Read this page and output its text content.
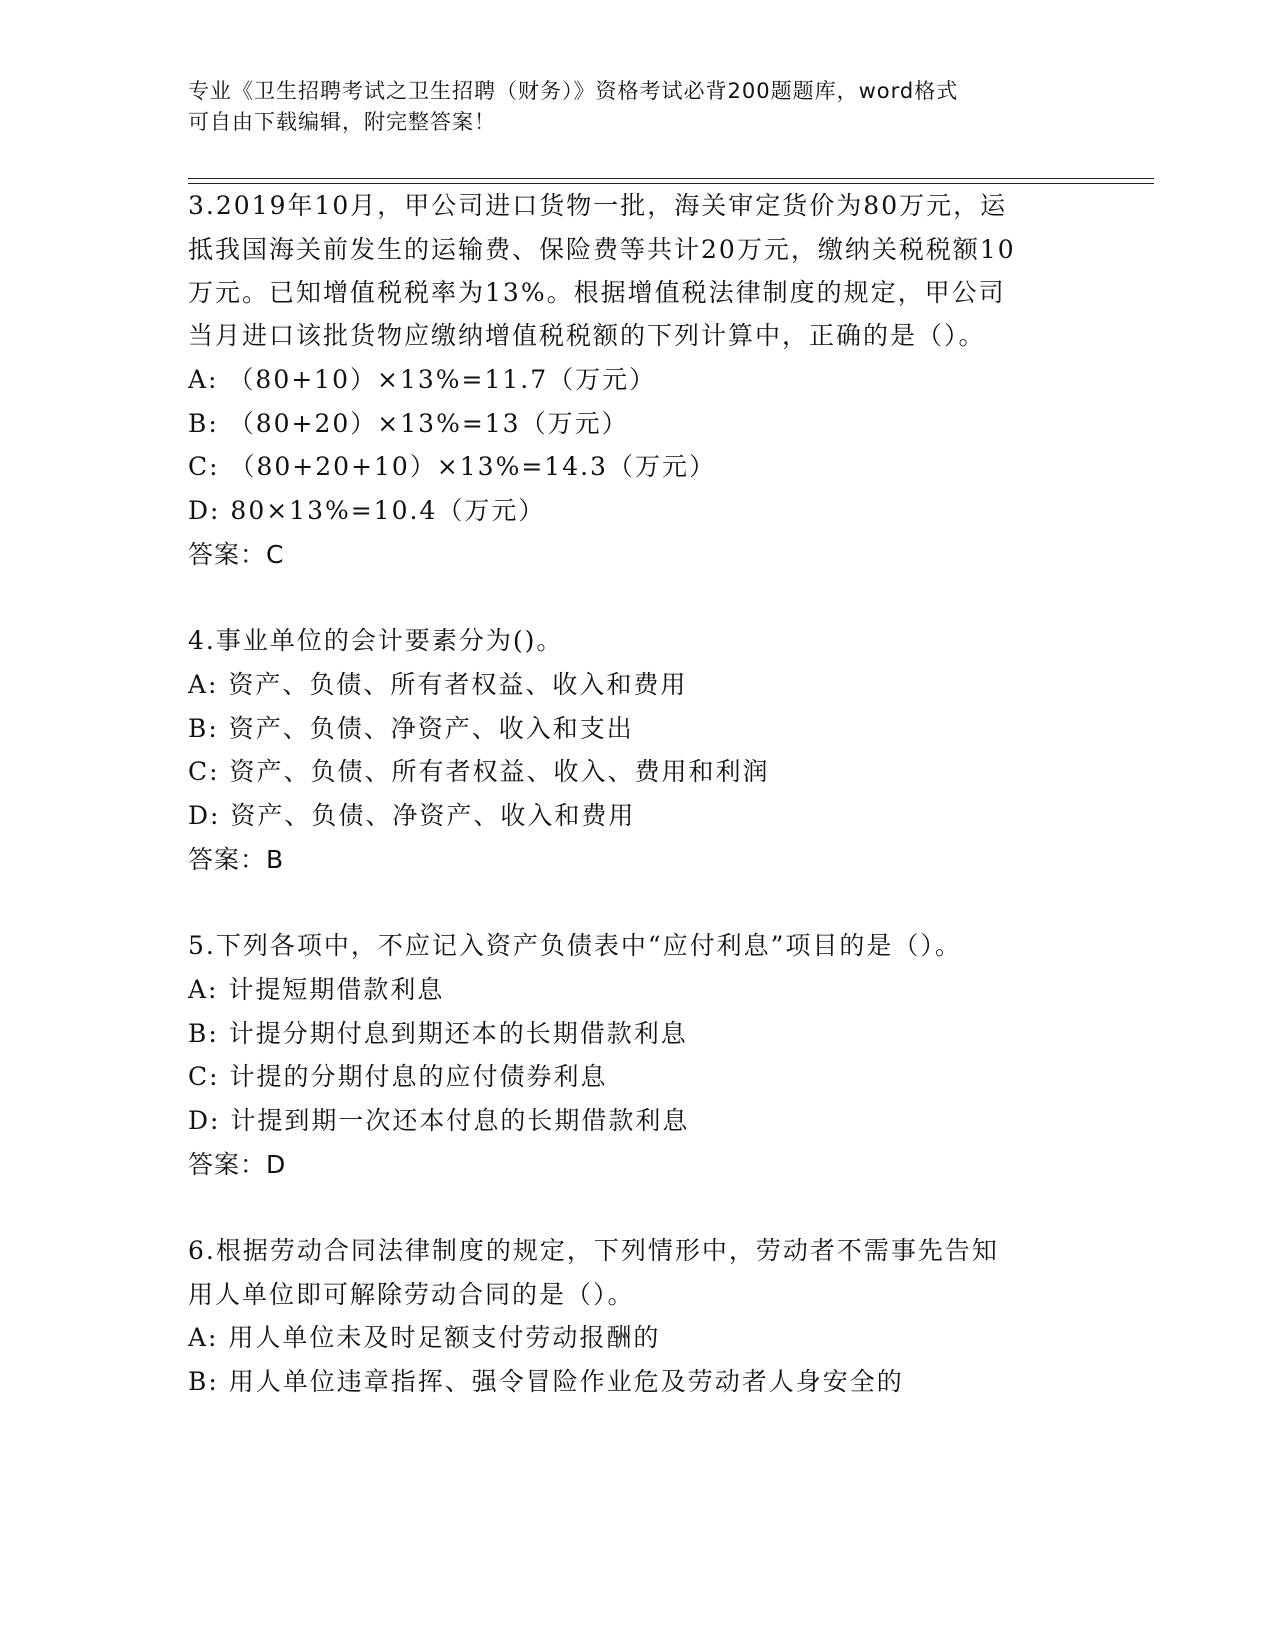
专业《卫生招聘考试之卫生招聘（财务）》资格考试必背200题题库，word格式
可自由下载编辑，附完整答案！
3.2019年10月，甲公司进口货物一批，海关审定货价为80万元，运
抵我国海关前发生的运输费、保险费等共计20万元，缴纳关税税额10
万元。已知增值税税率为13%。根据增值税法律制度的规定，甲公司
当月进口该批货物应缴纳增值税税额的下列计算中，正确的是（）。
A: （80+10）×13%=11.7（万元）
B: （80+20）×13%=13（万元）
C: （80+20+10）×13%=14.3（万元）
D: 80×13%=10.4（万元）
答案：C
4.事业单位的会计要素分为()。
A: 资产、负债、所有者权益、收入和费用
B: 资产、负债、净资产、收入和支出
C: 资产、负债、所有者权益、收入、费用和利润
D: 资产、负债、净资产、收入和费用
答案：B
5.下列各项中，不应记入资产负债表中“应付利息”项目的是（）。
A: 计提短期借款利息
B: 计提分期付息到期还本的长期借款利息
C: 计提的分期付息的应付债券利息
D: 计提到期一次还本付息的长期借款利息
答案：D
6.根据劳动合同法律制度的规定，下列情形中，劳动者不需事先告知
用人单位即可解除劳动合同的是（）。
A: 用人单位未及时足额支付劳动报酬的
B: 用人单位违章指挥、强令冒险作业危及劳动者人身安全的
